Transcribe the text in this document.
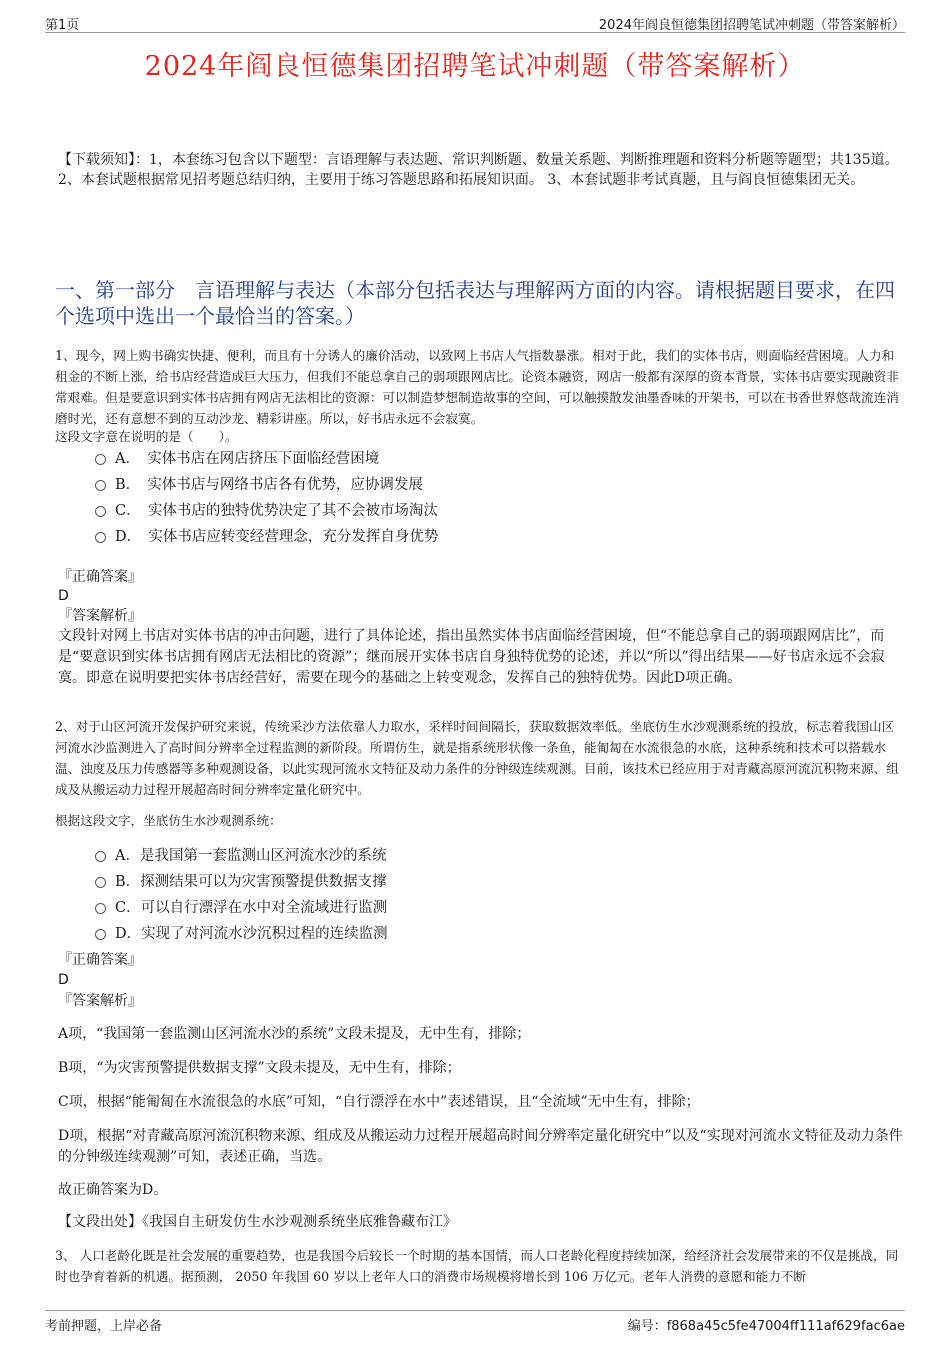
第1页	2024年阎良恒德集团招聘笔试冲刺题（带答案解析）
2024年阎良恒德集团招聘笔试冲刺题（带答案解析）
【下载须知】：1，本套练习包含以下题型：言语理解与表达题、常识判断题、数量关系题、判断推理题和资料分析题等题型；共135道。 2、本套试题根据常见招考题总结归纳，主要用于练习答题思路和拓展知识面。 3、本套试题非考试真题，且与阎良恒德集团无关。
一、第一部分　言语理解与表达（本部分包括表达与理解两方面的内容。请根据题目要求，在四个选项中选出一个最恰当的答案。）
1、现今，网上购书确实快捷、便利，而且有十分诱人的廉价活动，以致网上书店人气指数暴涨。相对于此，我们的实体书店，则面临经营困境。人力和租金的不断上涨，给书店经营造成巨大压力，但我们不能总拿自己的弱项跟网店比。论资本融资，网店一般都有深厚的资本背景，实体书店要实现融资非常艰难。但是要意识到实体书店拥有网店无法相比的资源：可以制造梦想制造故事的空间，可以触摸散发油墨香味的开架书，可以在书香世界悠哉流连消磨时光，还有意想不到的互动沙龙、精彩讲座。所以，好书店永远不会寂寞。
这段文字意在说明的是（　　）。
A．　实体书店在网店挤压下面临经营困境
B．　实体书店与网络书店各有优势，应协调发展
C．　实体书店的独特优势决定了其不会被市场淘汰
D．　实体书店应转变经营理念，充分发挥自身优势
『正确答案』
D
『答案解析』
文段针对网上书店对实体书店的冲击问题，进行了具体论述，指出虽然实体书店面临经营困境，但“不能总拿自己的弱项跟网店比”，而是“要意识到实体书店拥有网店无法相比的资源”；继而展开实体书店自身独特优势的论述，并以“所以”得出结果——好书店永远不会寂寞。即意在说明要把实体书店经营好，需要在现今的基础之上转变观念，发挥自己的独特优势。因此D项正确。
2、对于山区河流开发保护研究来说，传统采沙方法依靠人力取水，采样时间间隔长，获取数据效率低。坐底仿生水沙观测系统的投放，标志着我国山区河流水沙监测进入了高时间分辨率全过程监测的新阶段。所谓仿生，就是指系统形状像一条鱼，能匍匐在水流很急的水底，这种系统和技术可以搭载水温、浊度及压力传感器等多种观测设备，以此实现河流水文特征及动力条件的分钟级连续观测。目前，该技术已经应用于对青藏高原河流沉积物来源、组成及从搬运动力过程开展超高时间分辨率定量化研究中。
根据这段文字，坐底仿生水沙观测系统：
A．是我国第一套监测山区河流水沙的系统
B．探测结果可以为灾害预警提供数据支撑
C．可以自行漂浮在水中对全流域进行监测
D．实现了对河流水沙沉积过程的连续监测
『正确答案』
D
『答案解析』
A项，“我国第一套监测山区河流水沙的系统”文段未提及，无中生有，排除；
B项，“为灾害预警提供数据支撑”文段未提及，无中生有，排除；
C项，根据“能匍匐在水流很急的水底”可知，“自行漂浮在水中”表述错误，且“全流域”无中生有，排除；
D项，根据“对青藏高原河流沉积物来源、组成及从搬运动力过程开展超高时间分辨率定量化研究中”以及“实现对河流水文特征及动力条件的分钟级连续观测”可知，表述正确，当选。
故正确答案为D。
【文段出处】《我国自主研发仿生水沙观测系统坐底雅鲁藏布江》
3、 人口老龄化既是社会发展的重要趋势，也是我国今后较长一个时期的基本国情，而人口老龄化程度持续加深，给经济社会发展带来的不仅是挑战，同时也孕育着新的机遇。据预测， 2050 年我国 60 岁以上老年人口的消费市场规模将增长到 106 万亿元。老年人消费的意愿和能力不断
考前押题，上岸必备	编号：f868a45c5fe47004ff111af629fac6ae
